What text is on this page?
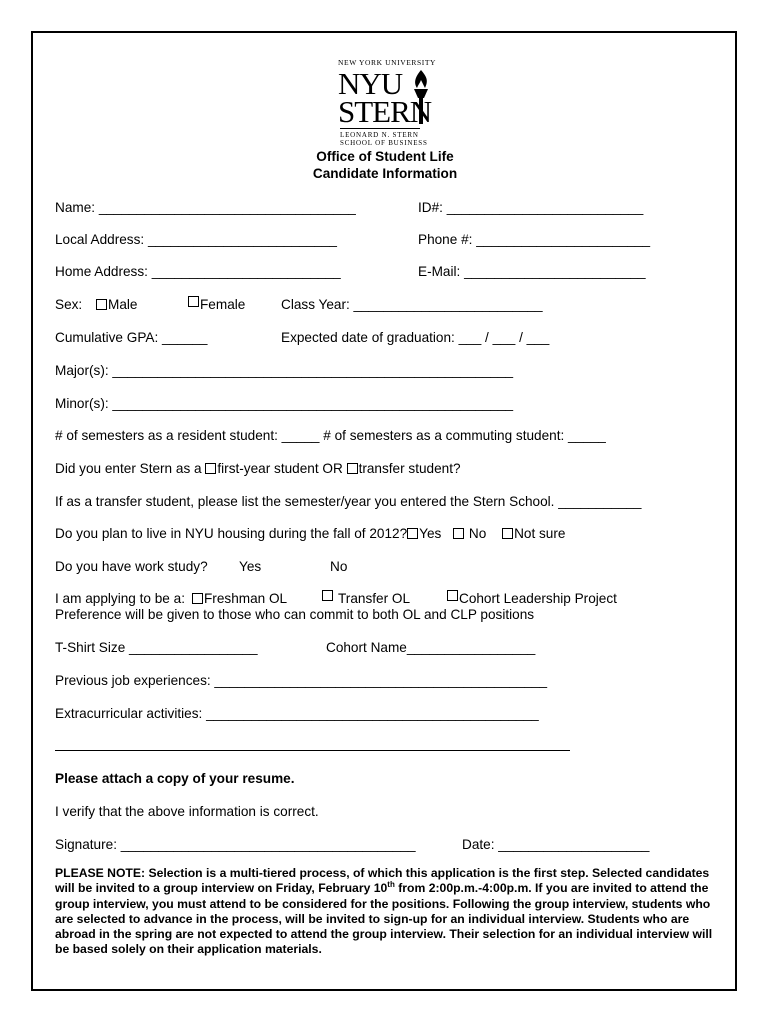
NEW YORK UNIVERSITY
NYU
STERN
LEONARD N. STERN
SCHOOL OF BUSINESS
Office of Student Life
Candidate Information
Name: __________________________________	ID#: __________________________
Local Address: _________________________	Phone #: _______________________
Home Address: _________________________	E-Mail: ________________________
Sex:	Male	Female	Class Year: _________________________
Cumulative GPA: ______	Expected date of graduation: ___ / ___ / ___
Major(s): _____________________________________________________
Minor(s): _____________________________________________________
# of semesters as a resident student: _____ # of semesters as a commuting student: _____
Did you enter Stern as a first-year student OR transfer student?
If as a transfer student, please list the semester/year you entered the Stern School. ___________
Do you plan to live in NYU housing during the fall of 2012? Yes No Not sure
Do you have work study? Yes	No
I am applying to be a:	Freshman OL	Transfer OL	Cohort Leadership Project
Preference will be given to those who can commit to both OL and CLP positions
T-Shirt Size _________________	Cohort Name_________________
Previous job experiences: ____________________________________________
Extracurricular activities: ____________________________________________
Please attach a copy of your resume.
I verify that the above information is correct.
Signature: _______________________________________	Date: ____________________
PLEASE NOTE: Selection is a multi-tiered process, of which this application is the first step. Selected candidates will be invited to a group interview on Friday, February 10th from 2:00p.m.-4:00p.m. If you are invited to attend the group interview, you must attend to be considered for the positions. Following the group interview, students who are selected to advance in the process, will be invited to sign-up for an individual interview. Students who are abroad in the spring are not expected to attend the group interview. Their selection for an individual interview will be based solely on their application materials.
